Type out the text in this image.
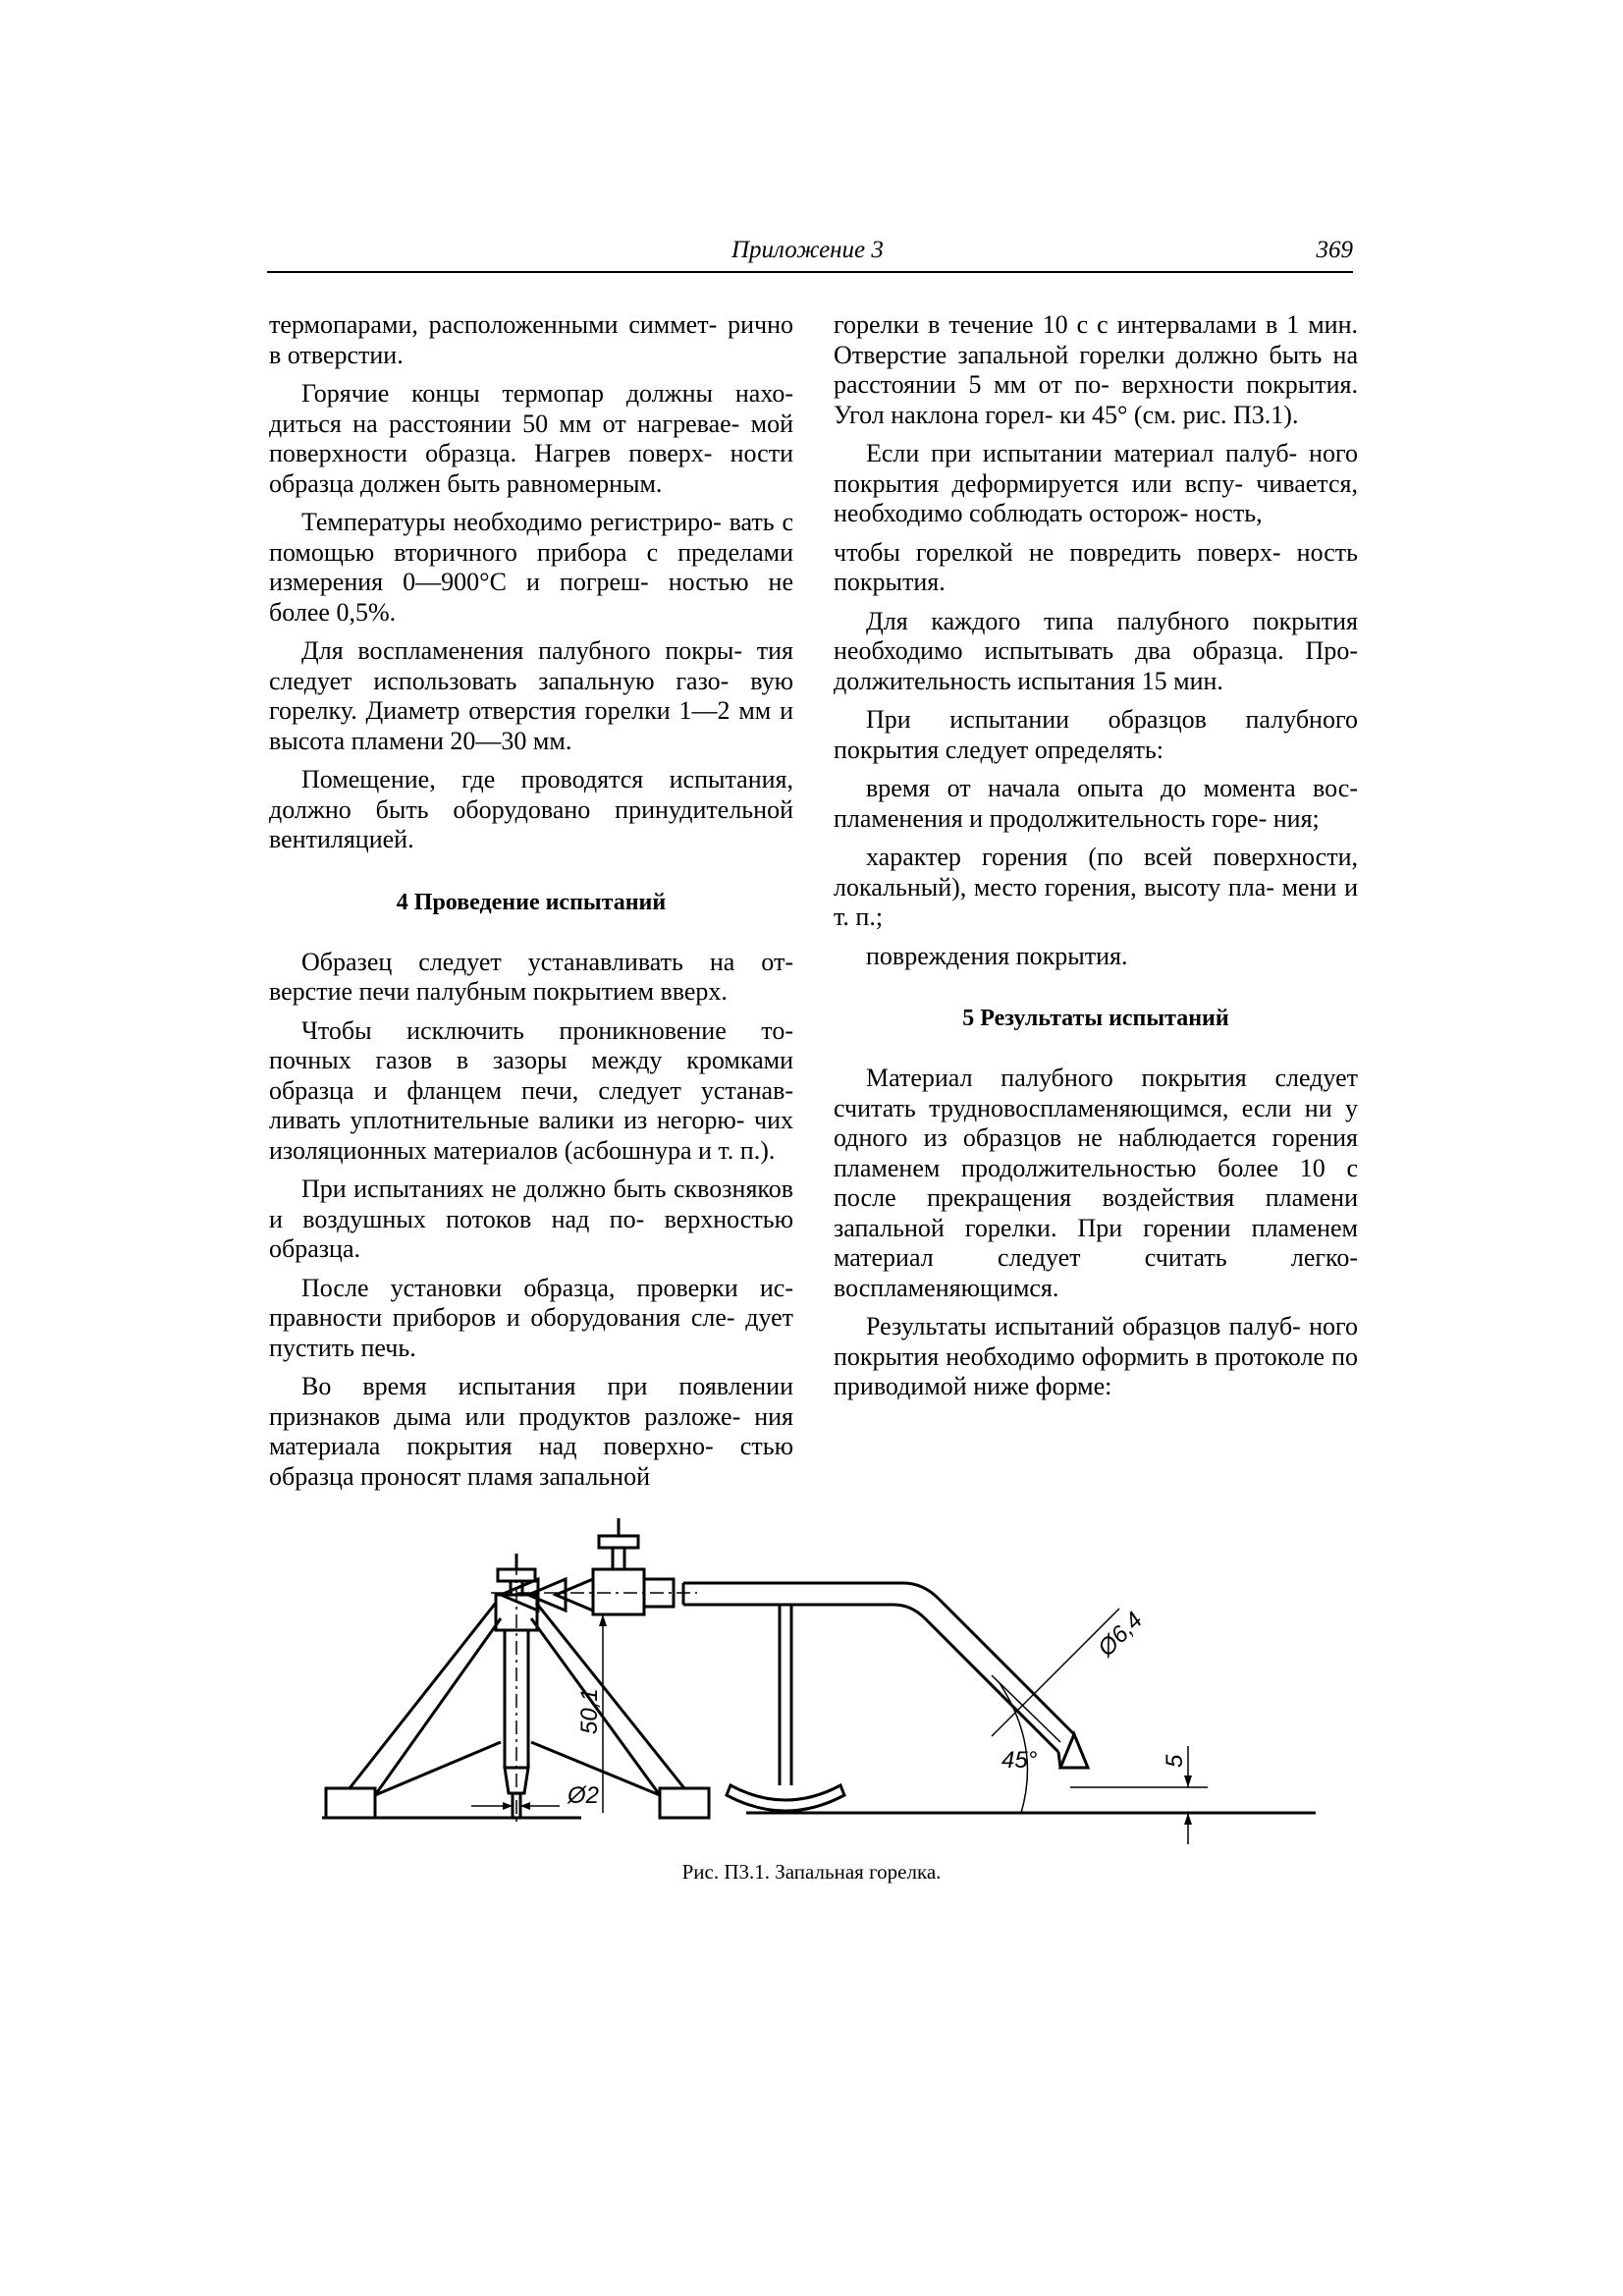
Приложение 3	369

термопарами, расположенными симмет- рично в отверстии.

Горячие концы термопар должны нахо- диться на расстоянии 50 мм от нагревае- мой поверхности образца. Нагрев поверх- ности образца должен быть равномерным.

Температуры необходимо регистриро- вать с помощью вторичного прибора с пределами измерения 0—900°С и погреш- ностью не более 0,5%.

Для воспламенения палубного покры- тия следует использовать запальную газо- вую горелку. Диаметр отверстия горелки 1—2 мм и высота пламени 20—30 мм.

Помещение, где проводятся испытания, должно быть оборудовано принудительной вентиляцией.

4 Проведение испытаний

Образец следует устанавливать на от- верстие печи палубным покрытием вверх.

Чтобы исключить проникновение то- почных газов в зазоры между кромками образца и фланцем печи, следует устанав- ливать уплотнительные валики из негорю- чих изоляционных материалов (асбошнура и т. п.).

При испытаниях не должно быть сквозняков и воздушных потоков над по- верхностью образца.

После установки образца, проверки ис- правности приборов и оборудования сле- дует пустить печь.

Во время испытания при появлении признаков дыма или продуктов разложе- ния материала покрытия над поверхно- стью образца проносят пламя запальной

горелки в течение 10 с с интервалами в 1 мин. Отверстие запальной горелки должно быть на расстоянии 5 мм от по- верхности покрытия. Угол наклона горел- ки 45° (см. рис. П3.1).

Если при испытании материал палуб- ного покрытия деформируется или вспу- чивается, необходимо соблюдать осторож- ность,

чтобы горелкой не повредить поверх- ность покрытия.

Для каждого типа палубного покрытия необходимо испытывать два образца. Про- должительность испытания 15 мин.

При испытании образцов палубного покрытия следует определять:

время от начала опыта до момента вос- пламенения и продолжительность горе- ния;

характер горения (по всей поверхности, локальный), место горения, высоту пла- мени и т. п.;

повреждения покрытия.

5 Результаты испытаний

Материал палубного покрытия следует считать трудновоспламеняющимся, если ни у одного из образцов не наблюдается горения пламенем продолжительностью более 10 с после прекращения воздействия пламени запальной горелки. При горении пламенем материал следует считать легко- воспламеняющимся.

Результаты испытаний образцов палуб- ного покрытия необходимо оформить в протоколе по приводимой ниже форме:

Ø2
50,1
45°
Ø6,4
5
Рис. П3.1. Запальная горелка.
